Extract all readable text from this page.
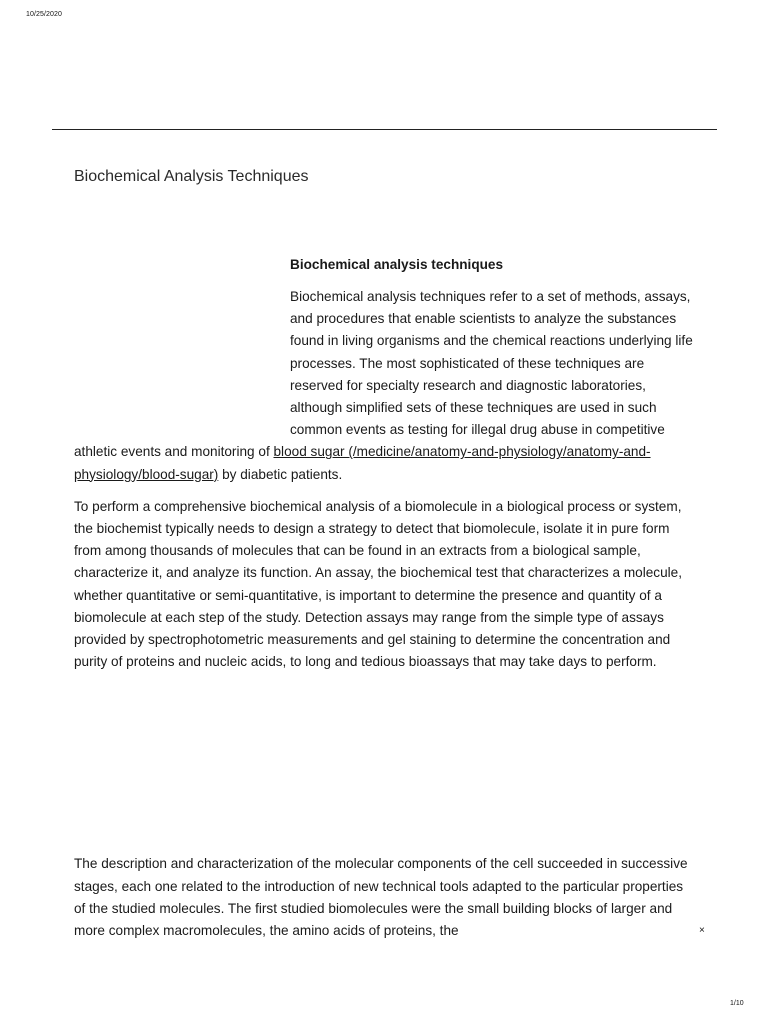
10/25/2020
Biochemical Analysis Techniques
Biochemical analysis techniques

Biochemical analysis techniques refer to a set of methods, assays, and procedures that enable scientists to analyze the substances found in living organisms and the chemical reactions underlying life processes. The most sophisticated of these techniques are reserved for specialty research and diagnostic laboratories, although simplified sets of these techniques are used in such common events as testing for illegal drug abuse in competitive athletic events and monitoring of blood sugar (/medicine/anatomy-and-physiology/anatomy-and-physiology/blood-sugar) by diabetic patients.

To perform a comprehensive biochemical analysis of a biomolecule in a biological process or system, the biochemist typically needs to design a strategy to detect that biomolecule, isolate it in pure form from among thousands of molecules that can be found in an extracts from a biological sample, characterize it, and analyze its function. An assay, the biochemical test that characterizes a molecule, whether quantitative or semi-quantitative, is important to determine the presence and quantity of a biomolecule at each step of the study. Detection assays may range from the simple type of assays provided by spectrophotometric measurements and gel staining to determine the concentration and purity of proteins and nucleic acids, to long and tedious bioassays that may take days to perform.

The description and characterization of the molecular components of the cell succeeded in successive stages, each one related to the introduction of new technical tools adapted to the particular properties of the studied molecules. The first studied biomolecules were the small building blocks of larger and more complex macromolecules, the amino acids of proteins, the	×
1/10
